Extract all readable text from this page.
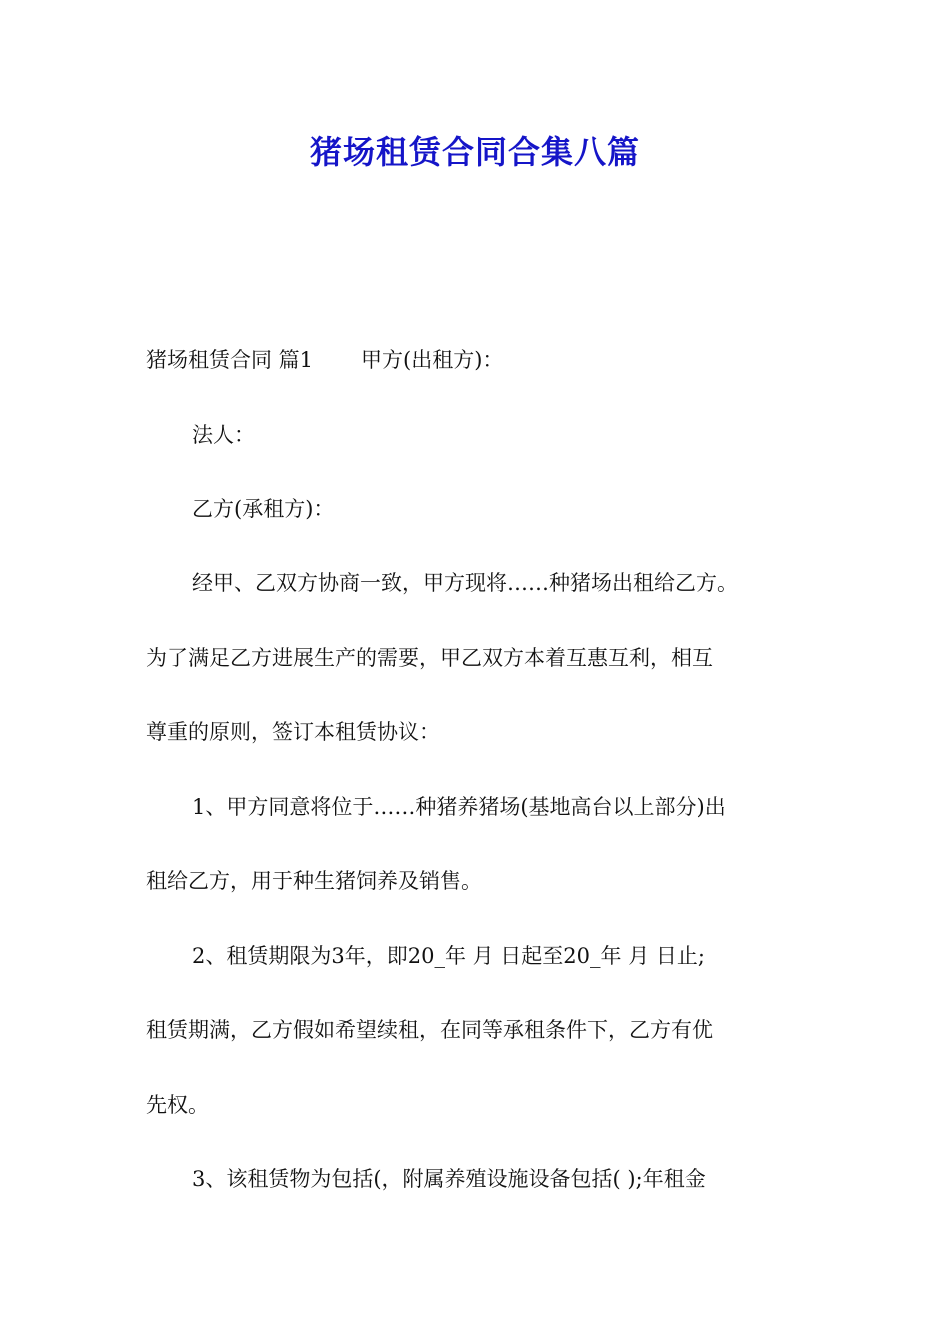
猪场租赁合同合集八篇
猪场租赁合同 篇1 甲方(出租方)：
法人：
乙方(承租方)：
经甲、乙双方协商一致，甲方现将……种猪场出租给乙方。
为了满足乙方进展生产的需要，甲乙双方本着互惠互利，相互
尊重的原则，签订本租赁协议：
1、甲方同意将位于……种猪养猪场(基地高台以上部分)出
租给乙方，用于种生猪饲养及销售。
2、租赁期限为3年，即20_年 月 日起至20_年 月 日止;
租赁期满，乙方假如希望续租，在同等承租条件下，乙方有优
先权。
3、该租赁物为包括(，附属养殖设施设备包括( );年租金
